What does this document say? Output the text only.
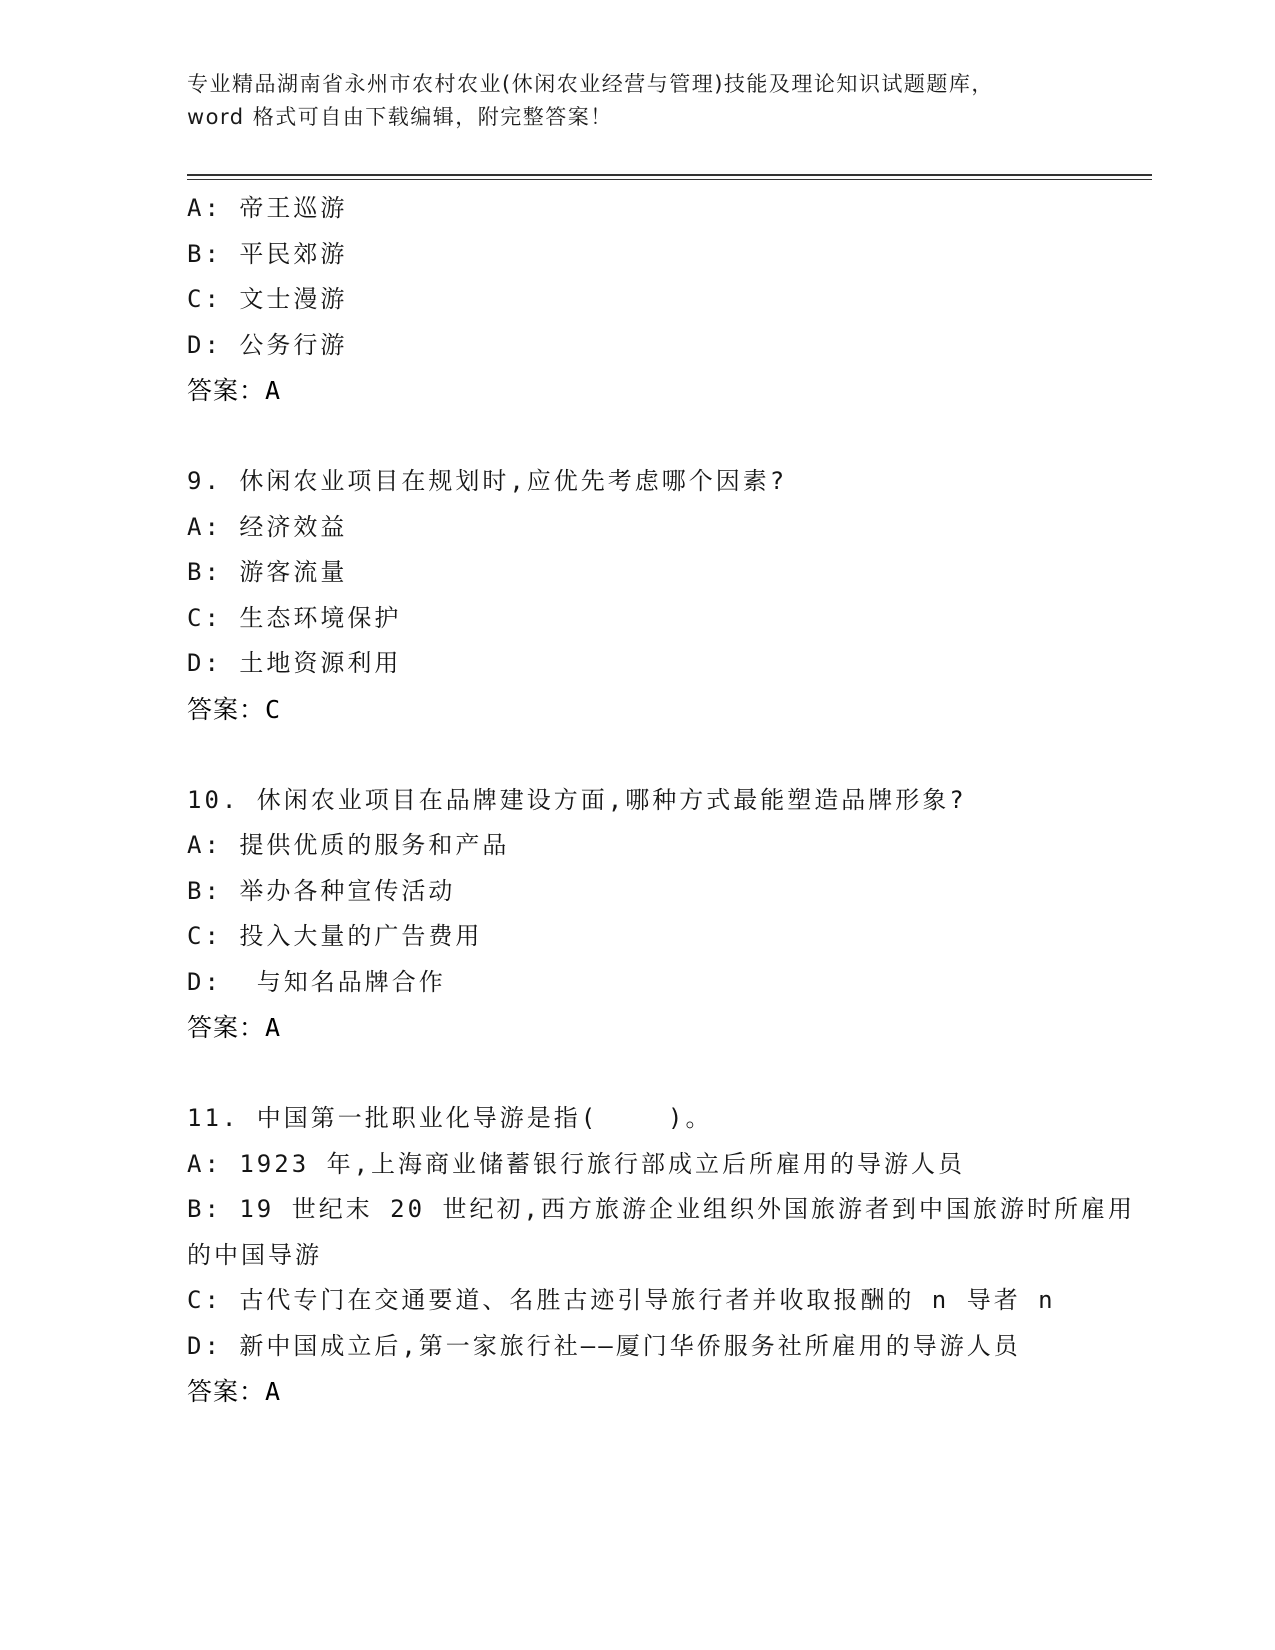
专业精品湖南省永州市农村农业(休闲农业经营与管理)技能及理论知识试题题库，
word 格式可自由下载编辑，附完整答案！
A: 帝王巡游
B: 平民郊游
C: 文士漫游
D: 公务行游
答案：A
9. 休闲农业项目在规划时,应优先考虑哪个因素?
A: 经济效益
B: 游客流量
C: 生态环境保护
D: 土地资源利用
答案：C
10. 休闲农业项目在品牌建设方面,哪种方式最能塑造品牌形象?
A: 提供优质的服务和产品
B: 举办各种宣传活动
C: 投入大量的广告费用
D:  与知名品牌合作
答案：A
11. 中国第一批职业化导游是指(    )。
A: 1923 年,上海商业储蓄银行旅行部成立后所雇用的导游人员
B: 19 世纪末 20 世纪初,西方旅游企业组织外国旅游者到中国旅游时所雇用的中国导游
C: 古代专门在交通要道、名胜古迹引导旅行者并收取报酬的 n 导者 n
D: 新中国成立后,第一家旅行社——厦门华侨服务社所雇用的导游人员
答案：A
